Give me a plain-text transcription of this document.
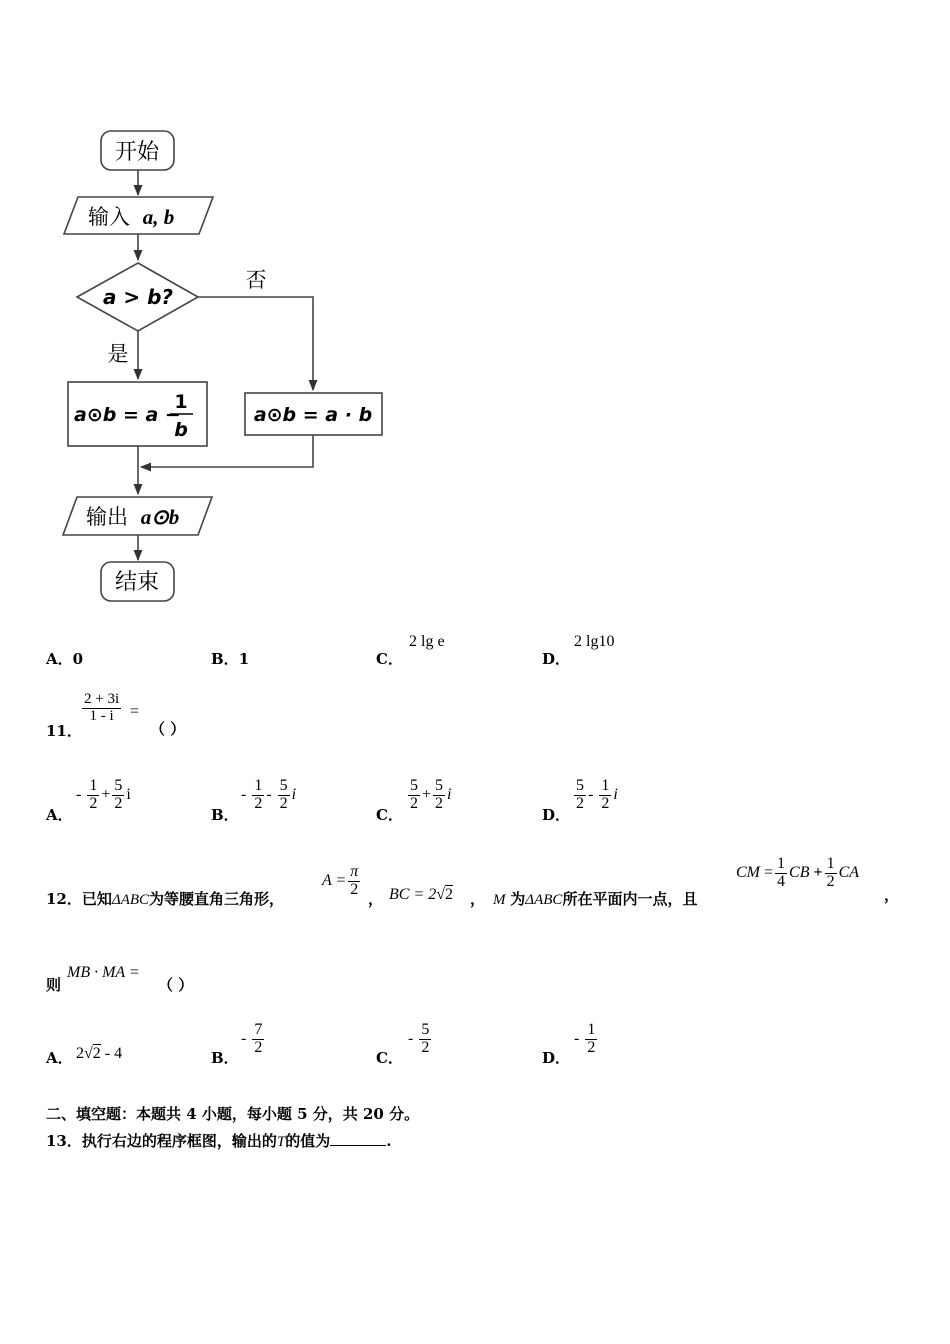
开始
输入 a, b
a > b?
否
是
a⊙b = a −
1
b
a⊙b = a · b
输出 a⊙b
结束
A．0	B．1	C．
2 lg e
D．
2 lg10
11．
$\frac{2 + 3i}{1 - i}$ =
（ ）
A．
- $\frac{1}{2} + \frac{5}{2}$ i
B．
- $\frac{1}{2} - \frac{5}{2}$ i
C．
$\frac{5}{2} + \frac{5}{2}$ i
D．
$\frac{5}{2} - \frac{1}{2}$ i
12．已知ΔABC为等腰直角三角形，
$A = \frac{\pi}{2}$
， BC = 2√2 ， M 为ΔABC所在平面内一点，且
CM = $\frac{1}{4}$ CB + $\frac{1}{2}$ CA
，
则
MB · MA =
（ ）
A． 2√2 - 4	B．
- $\frac{7}{2}$
C．
- $\frac{5}{2}$
D．
- $\frac{1}{2}$
二、填空题：本题共 4 小题，每小题 5 分，共 20 分。
13．执行右边的程序框图，输出的T的值为	.
